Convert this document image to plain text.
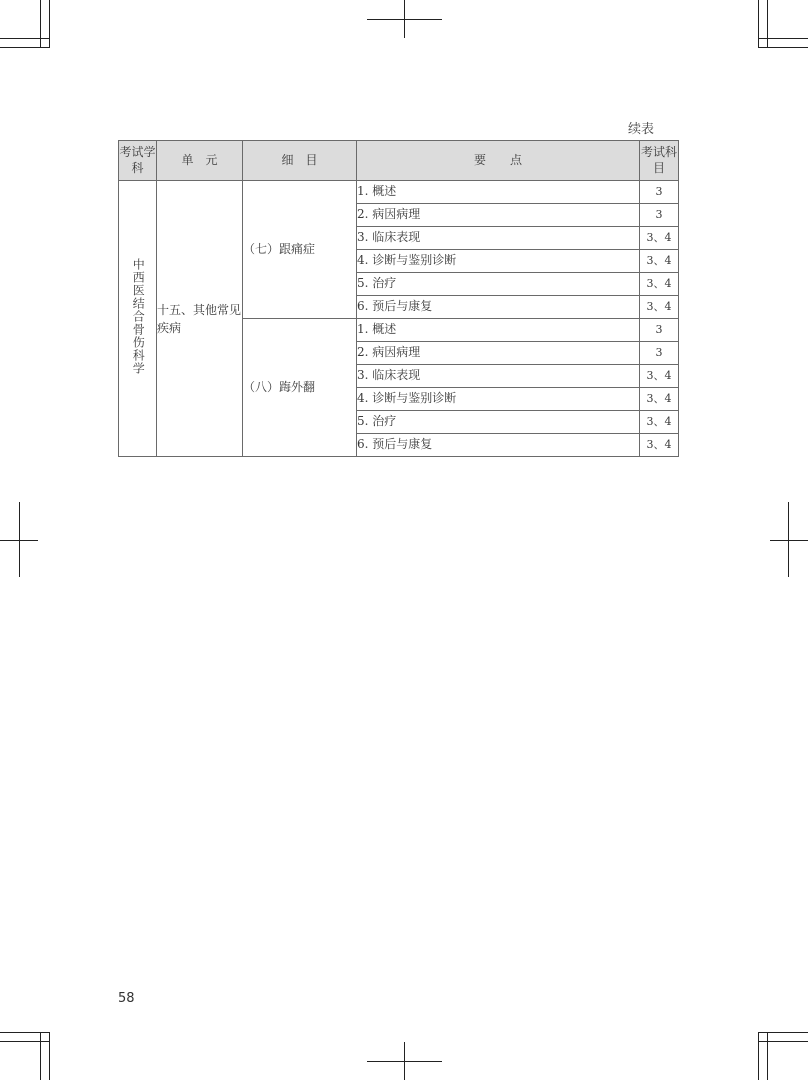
续表
考试学科	单　元	细　目	要　　点	考试科目
中西医结合骨伤科学	十五、其他常见疾病	（七）跟痛症	1. 概述	3
			2. 病因病理	3
			3. 临床表现	3、4
			4. 诊断与鉴别诊断	3、4
			5. 治疗	3、4
			6. 预后与康复	3、4
		（八）踇外翻	1. 概述	3
			2. 病因病理	3
			3. 临床表现	3、4
			4. 诊断与鉴别诊断	3、4
			5. 治疗	3、4
			6. 预后与康复	3、4
58
